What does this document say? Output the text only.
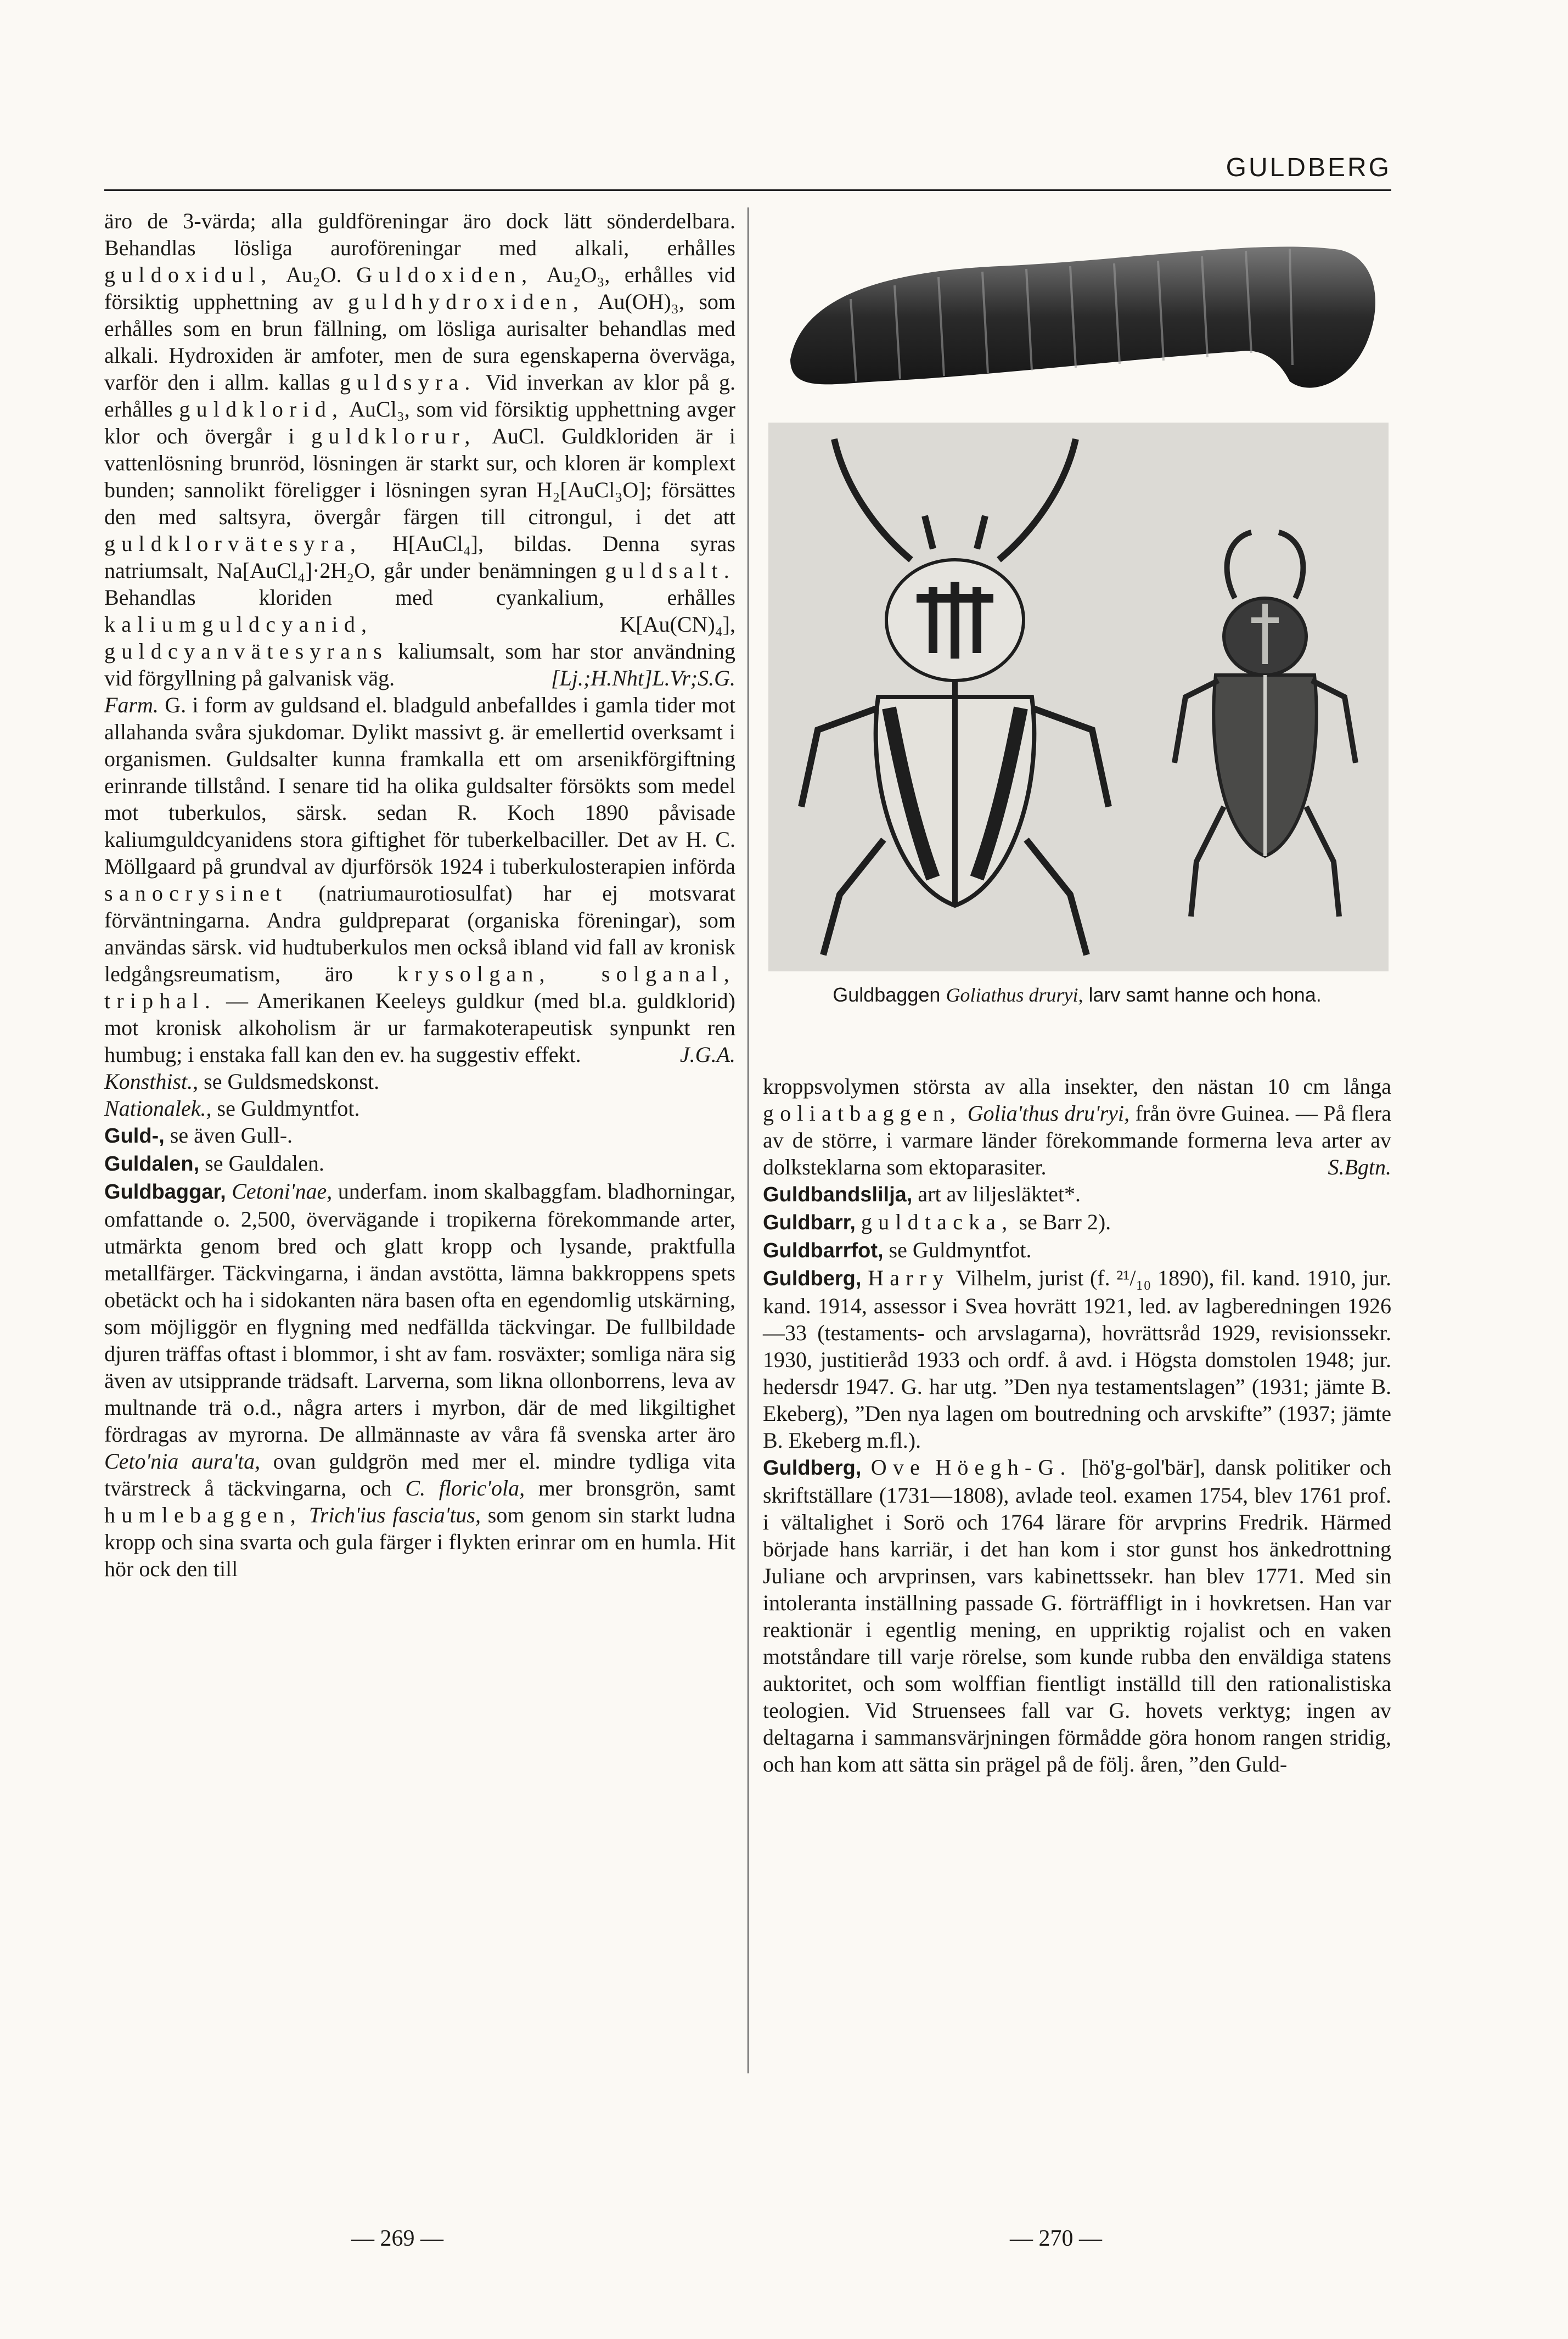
GULDBERG

äro de 3-värda; alla guldföreningar äro dock lätt sönderdelbara. Behandlas lösliga auroföreningar med alkali, erhålles guldoxidul, Au₂O. Guldoxiden, Au₂O₃, erhålles vid försiktig upphettning av guldhydroxiden, Au(OH)₃, som erhålles som en brun fällning, om lösliga aurisalter behandlas med alkali. Hydroxiden är amfoter, men de sura egenskaperna överväga, varför den i allm. kallas guldsyra. Vid inverkan av klor på g. erhålles guldklorid, AuCl₃, som vid försiktig upphettning avger klor och övergår i guldklorur, AuCl. Guldkloriden är i vattenlösning brunröd, lösningen är starkt sur, och kloren är komplext bunden; sannolikt föreligger i lösningen syran H₂[AuCl₃O]; försättes den med saltsyra, övergår färgen till citrongul, i det att guldklorvätesyra, H[AuCl₄], bildas. Denna syras natriumsalt, Na[AuCl₄]·2H₂O, går under benämningen guldsalt. Behandlas kloriden med cyankalium, erhålles kaliumguldcyanid, K[Au(CN)₄], guldcyanvätesyrans kaliumsalt, som har stor användning vid förgyllning på galvanisk väg.	[Lj.;H.Nht]L.Vr;S.G.

Farm. G. i form av guldsand el. bladguld anbefalldes i gamla tider mot allahanda svåra sjukdomar. Dylikt massivt g. är emellertid overksamt i organismen. Guldsalter kunna framkalla ett om arsenikförgiftning erinrande tillstånd. I senare tid ha olika guldsalter försökts som medel mot tuberkulos, särsk. sedan R. Koch 1890 påvisade kaliumguldcyanidens stora giftighet för tuberkelbaciller. Det av H. C. Möllgaard på grundval av djurförsök 1924 i tuberkulosterapien införda sanocrysinet (natriumaurotiosulfat) har ej motsvarat förväntningarna. Andra guldpreparat (organiska föreningar), som användas särsk. vid hudtuberkulos men också ibland vid fall av kronisk ledgångsreumatism, äro krysolgan, solganal, triphal. — Amerikanen Keeleys guldkur (med bl.a. guldklorid) mot kronisk alkoholism är ur farmakoterapeutisk synpunkt ren humbug; i enstaka fall kan den ev. ha suggestiv effekt.	J.G.A.

Konsthist., se Guldsmedskonst.

Nationalek., se Guldmyntfot.

Guld-, se även Gull-.

Guldalen, se Gauldalen.

Guldbaggar, Cetoni'nae, underfam. inom skalbaggfam. bladhorningar, omfattande o. 2,500, övervägande i tropikerna förekommande arter, utmärkta genom bred och glatt kropp och lysande, praktfulla metallfärger. Täckvingarna, i ändan avstötta, lämna bakkroppens spets obetäckt och ha i sidokanten nära basen ofta en egendomlig utskärning, som möjliggör en flygning med nedfällda täckvingar. De fullbildade djuren träffas oftast i blommor, i sht av fam. rosväxter; somliga nära sig även av utsipprande trädsaft. Larverna, som likna ollonborrens, leva av multnande trä o.d., några arters i myrbon, där de med likgiltighet fördragas av myrorna. De allmännaste av våra få svenska arter äro Ceto'nia aura'ta, ovan guldgrön med mer el. mindre tydliga vita tvärstreck å täckvingarna, och C. floric'ola, mer bronsgrön, samt humlebaggen, Trich'ius fascia'tus, som genom sin starkt ludna kropp och sina svarta och gula färger i flykten erinrar om en humla. Hit hör ock den till

Guldbaggen Goliathus druryi, larv samt hanne och hona.

kroppsvolymen största av alla insekter, den nästan 10 cm långa goliatbaggen, Golia'thus dru'ryi, från övre Guinea. — På flera av de större, i varmare länder förekommande formerna leva arter av dolksteklarna som ektoparasiter.	S.Bgtn.

Guldbandslilja, art av liljesläktet*.

Guldbarr, guldtacka, se Barr 2).

Guldbarrfot, se Guldmyntfot.

Guldberg, Harry Vilhelm, jurist (f. ²¹/₁₀ 1890), fil. kand. 1910, jur. kand. 1914, assessor i Svea hovrätt 1921, led. av lagberedningen 1926—33 (testaments- och arvslagarna), hovrättsråd 1929, revisionssekr. 1930, justitieråd 1933 och ordf. å avd. i Högsta domstolen 1948; jur. hedersdr 1947. G. har utg. ”Den nya testamentslagen” (1931; jämte B. Ekeberg), ”Den nya lagen om boutredning och arvskifte” (1937; jämte B. Ekeberg m.fl.).

Guldberg, Ove Höegh-G. [hö'g-gol'bär], dansk politiker och skriftställare (1731—1808), avlade teol. examen 1754, blev 1761 prof. i vältalighet i Sorö och 1764 lärare för arvprins Fredrik. Härmed började hans karriär, i det han kom i stor gunst hos änkedrottning Juliane och arvprinsen, vars kabinettssekr. han blev 1771. Med sin intoleranta inställning passade G. förträffligt in i hovkretsen. Han var reaktionär i egentlig mening, en uppriktig rojalist och en vaken motståndare till varje rörelse, som kunde rubba den enväldiga statens auktoritet, och som wolffian fientligt inställd till den rationalistiska teologien. Vid Struensees fall var G. hovets verktyg; ingen av deltagarna i sammansvärjningen förmådde göra honom rangen stridig, och han kom att sätta sin prägel på de följ. åren, ”den Guld-

— 269 —	— 270 —
